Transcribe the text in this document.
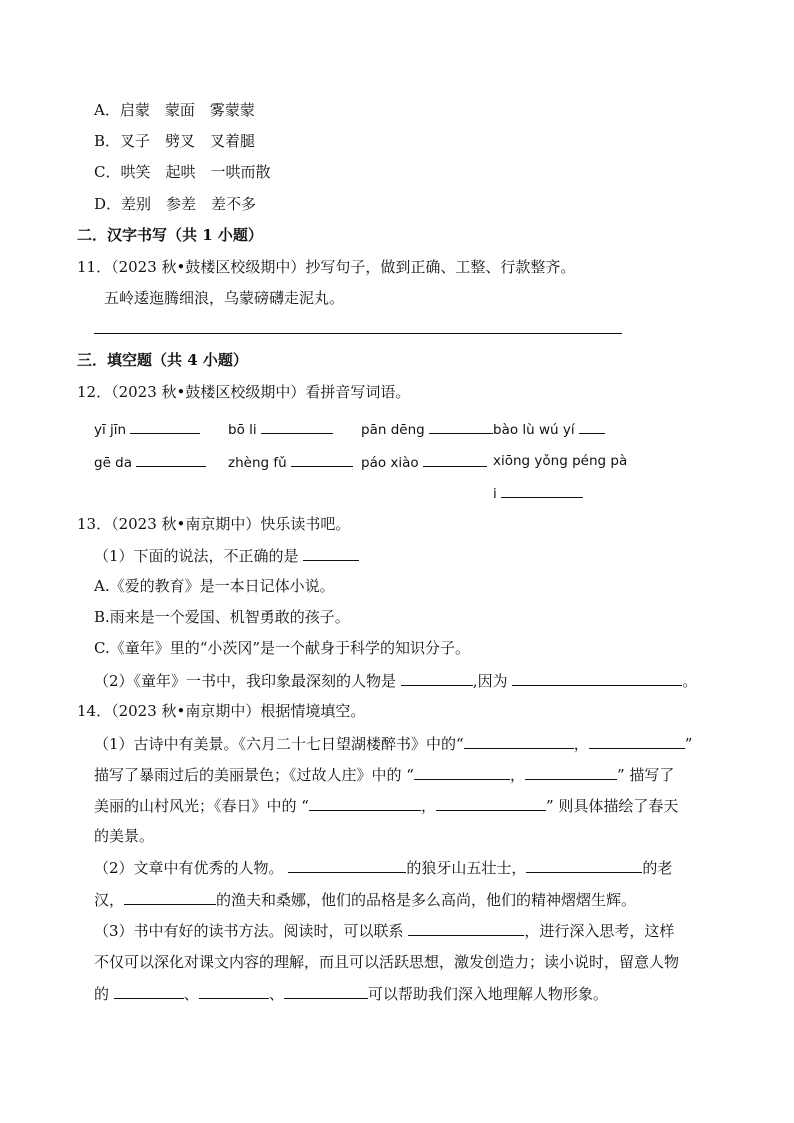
A．启蒙　蒙面　雾蒙蒙
B．叉子　劈叉　叉着腿
C．哄笑　起哄　一哄而散
D．差别　参差　差不多
二．汉字书写（共 1 小题）
11．（2023 秋•鼓楼区校级期中）抄写句子，做到正确、工整、行款整齐。
五岭逶迤腾细浪，乌蒙磅礴走泥丸。
三．填空题（共 4 小题）
12．（2023 秋•鼓楼区校级期中）看拼音写词语。
yī jīn	bō li	pān dēng	bào lù wú yí
gē da	zhèng fǔ	páo xiào	xiōng yǒng péng pà
i
13．（2023 秋•南京期中）快乐读书吧。
（1）下面的说法，不正确的是
A.《爱的教育》是一本日记体小说。
B.雨来是一个爱国、机智勇敢的孩子。
C.《童年》里的“小茨冈”是一个献身于科学的知识分子。
（2）《童年》一书中，我印象最深刻的人物是	,因为	。
14．（2023 秋•南京期中）根据情境填空。
（1）古诗中有美景。《六月二十七日望湖楼醉书》中的“	，	”
描写了暴雨过后的美丽景色；《过故人庄》中的 “	，	” 描写了
美丽的山村风光；《春日》中的 “	，	” 则具体描绘了春天
的美景。
（2）文章中有优秀的人物。	的狼牙山五壮士，	的老
汉，	的渔夫和桑娜，他们的品格是多么高尚，他们的精神熠熠生辉。
（3）书中有好的读书方法。阅读时，可以联系	，进行深入思考，这样
不仅可以深化对课文内容的理解，而且可以活跃思想，激发创造力；读小说时，留意人物
的	、	、	可以帮助我们深入地理解人物形象。
